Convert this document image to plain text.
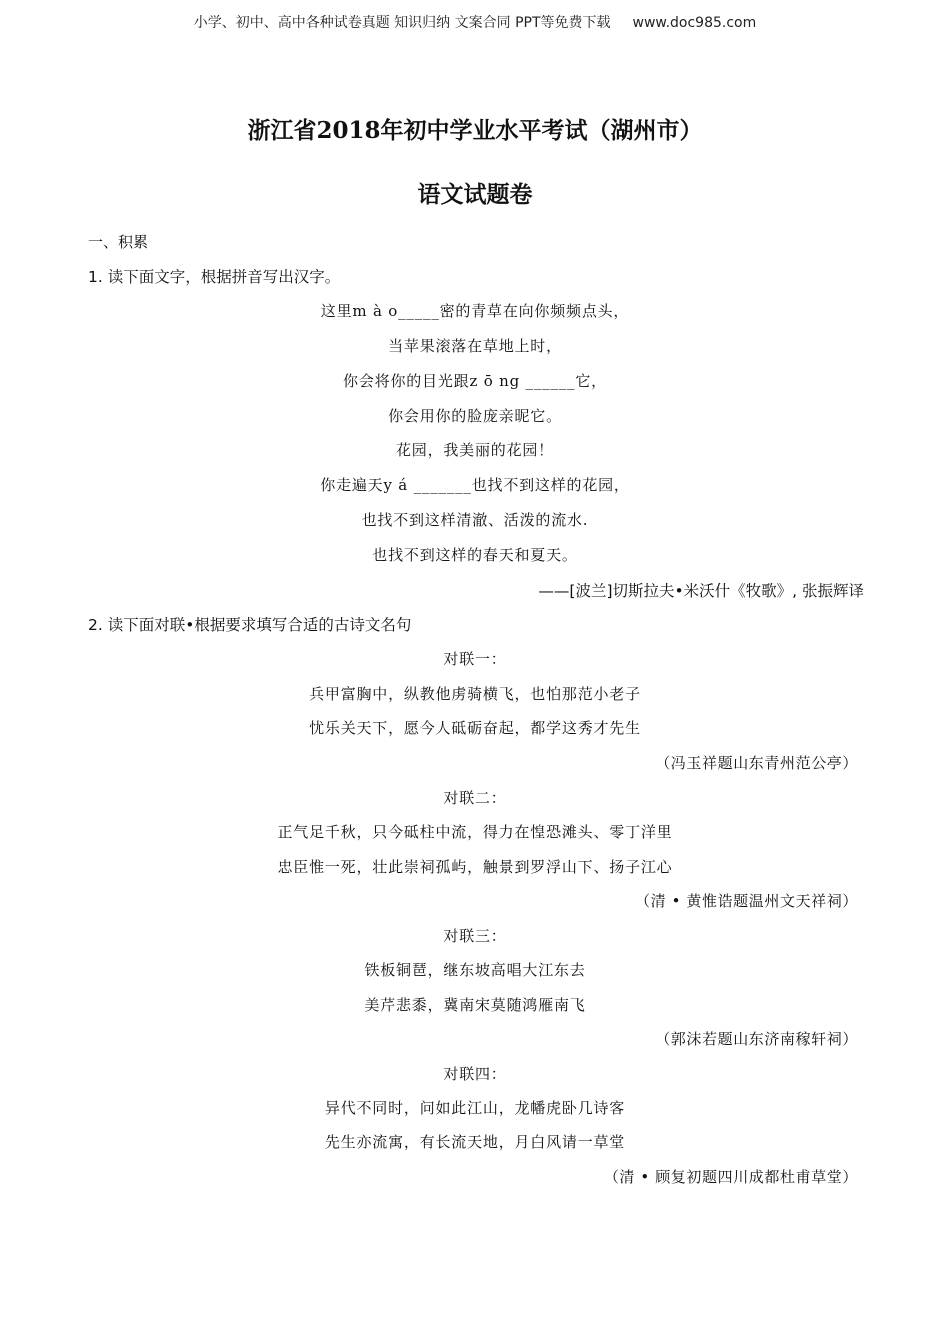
小学、初中、高中各种试卷真题 知识归纳 文案合同 PPT等免费下载 www.doc985.com
浙江省2018年初中学业水平考试（湖州市）
语文试题卷
一、积累
1. 读下面文字，根据拼音写出汉字。
这里m à o_____密的青草在向你频频点头，
当苹果滚落在草地上时，
你会将你的目光跟z ō ng ______它，
你会用你的脸庞亲昵它。
花园，我美丽的花园！
你走遍天y á _______也找不到这样的花园，
也找不到这样清澈、活泼的流水.
也找不到这样的春天和夏天。
——[波兰]切斯拉夫•米沃什《牧歌》, 张振辉译
2. 读下面对联•根据要求填写合适的古诗文名句
对联一：
兵甲富胸中，纵教他虏骑横飞，也怕那范小老子
忧乐关天下，愿今人砥砺奋起，都学这秀才先生
（冯玉祥题山东青州范公亭）
对联二：
正气足千秋，只今砥柱中流，得力在惶恐滩头、零丁洋里
忠臣惟一死，壮此崇祠孤屿，触景到罗浮山下、扬子江心
（清 • 黄惟诰题温州文天祥祠）
对联三：
铁板铜琶，继东坡高唱大江东去
美芹悲黍，冀南宋莫随鸿雁南飞
（郭沫若题山东济南稼轩祠）
对联四：
异代不同时，问如此江山，龙幡虎卧几诗客
先生亦流寓，有长流天地，月白风请一草堂
（清 • 顾复初题四川成都杜甫草堂）
